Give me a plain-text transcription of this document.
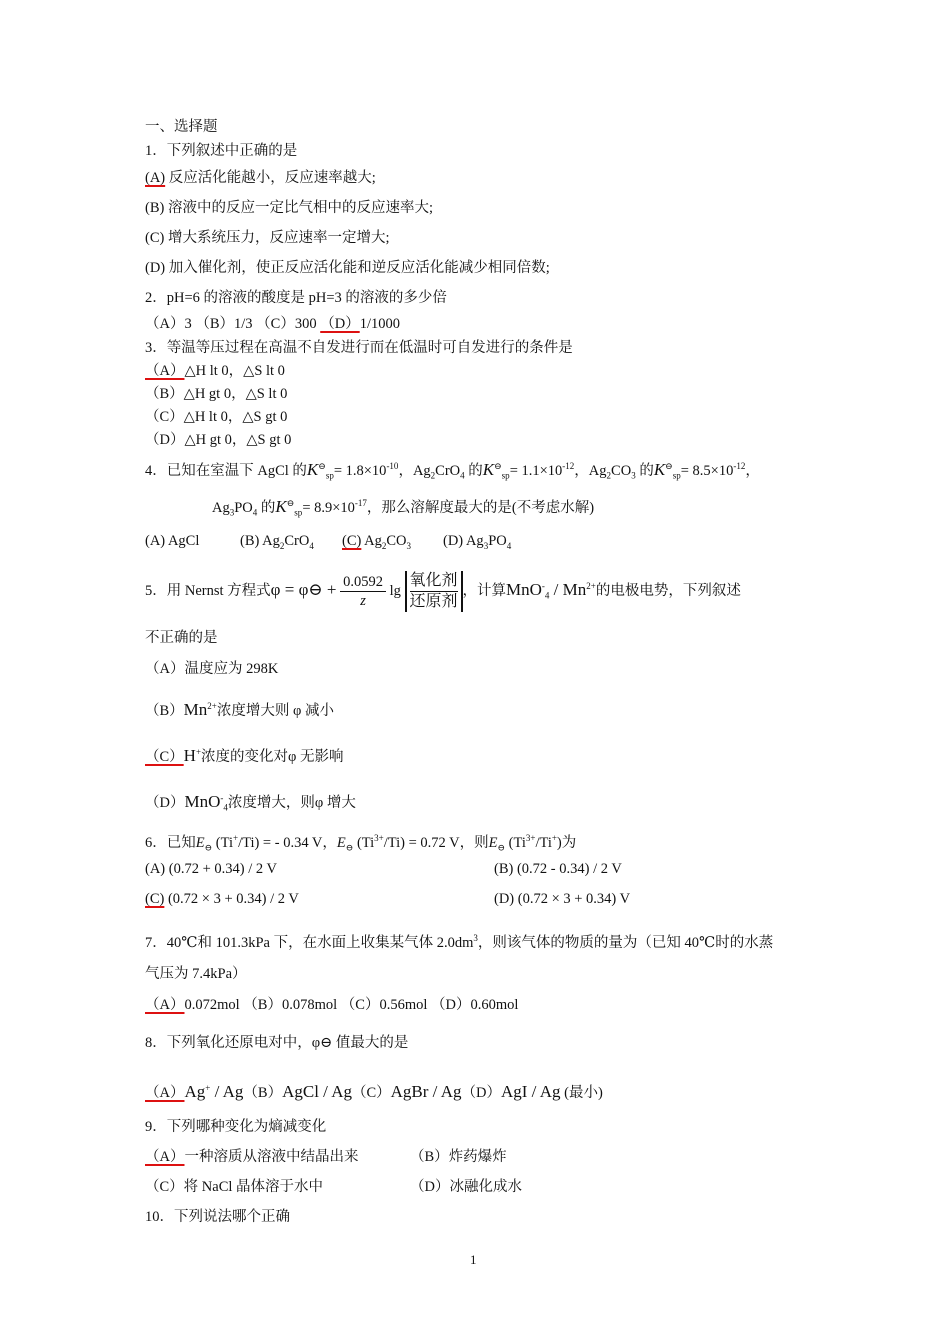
一、选择题
1．下列叙述中正确的是
(A) 反应活化能越小，反应速率越大;
(B) 溶液中的反应一定比气相中的反应速率大;
(C) 增大系统压力，反应速率一定增大;
(D) 加入催化剂，使正反应活化能和逆反应活化能减少相同倍数;
2．pH=6 的溶液的酸度是 pH=3 的溶液的多少倍
（A）3 （B）1/3 （C）300 （D）1/1000
3．等温等压过程在高温不自发进行而在低温时可自发进行的条件是
（A）△H lt 0，△S lt 0
（B）△H gt 0，△S lt 0
（C）△H lt 0，△S gt 0
（D）△H gt 0，△S gt 0
4．已知在室温下 AgCl 的$K^⊖_{sp}= 1.8\times 10^{-10}$，$Ag_2CrO_4$ 的$K^⊖_{sp}= 1.1\times 10^{-12}$，$Ag_2CO_3$ 的$K^⊖_{sp}= 8.5\times 10^{-12}$，
$Ag_3PO_4$ 的$K^⊖_{sp}= 8.9\times 10^{-17}$，那么溶解度最大的是(不考虑水解)
(A) AgCl	(B) $Ag_2CrO_4$ (C) $Ag_2CO_3$ (D) $Ag_3PO_4$
5．用 Nernst 方程式φ = φ⊖ + $\frac{0.0592}{z}$ lg
氧化剂
还原剂
，计算$MnO^-_4 / Mn^{2+}$的电极电势，下列叙述
不正确的是
（A）温度应为 298K
$(B)Mn^{2+}$浓度增大则 φ 减小
（C）H+浓度的变化对φ 无影响
（D）MnO-$_4$浓度增大，则φ 增大
6．已知$E_⊖$ (Ti+/Ti) = - 0.34 V，$E_⊖$ $(Ti^{3+}/Ti) = 0.72$ V，则$E_⊖$ $(Ti^{3+}/Ti^+)$为
(A) (0.72 + 0.34) / 2 V	(B) (0.72 - 0.34) / 2 V
(C) (0.72 × 3 + 0.34) / 2 V	(D) (0.72 × 3 + 0.34) V
7．40℃和 101.3kPa 下，在水面上收集某气体 $2.0dm^3$，则该气体的物质的量为（已知 40℃时的水蒸
气压为 7.4kPa）
（A）0.072mol （B）0.078mol （C）0.56mol （D）0.60mol
8．下列氧化还原电对中，φ⊖ 值最大的是
（A）Ag+ / Ag（B）AgCl / Ag（C）AgBr / Ag（D）AgI / Ag (最小)
9．下列哪种变化为熵减变化
（A）一种溶质从溶液中结晶出来	（B）炸药爆炸
（C）将 NaCl 晶体溶于水中	（D）冰融化成水
10．下列说法哪个正确
1
